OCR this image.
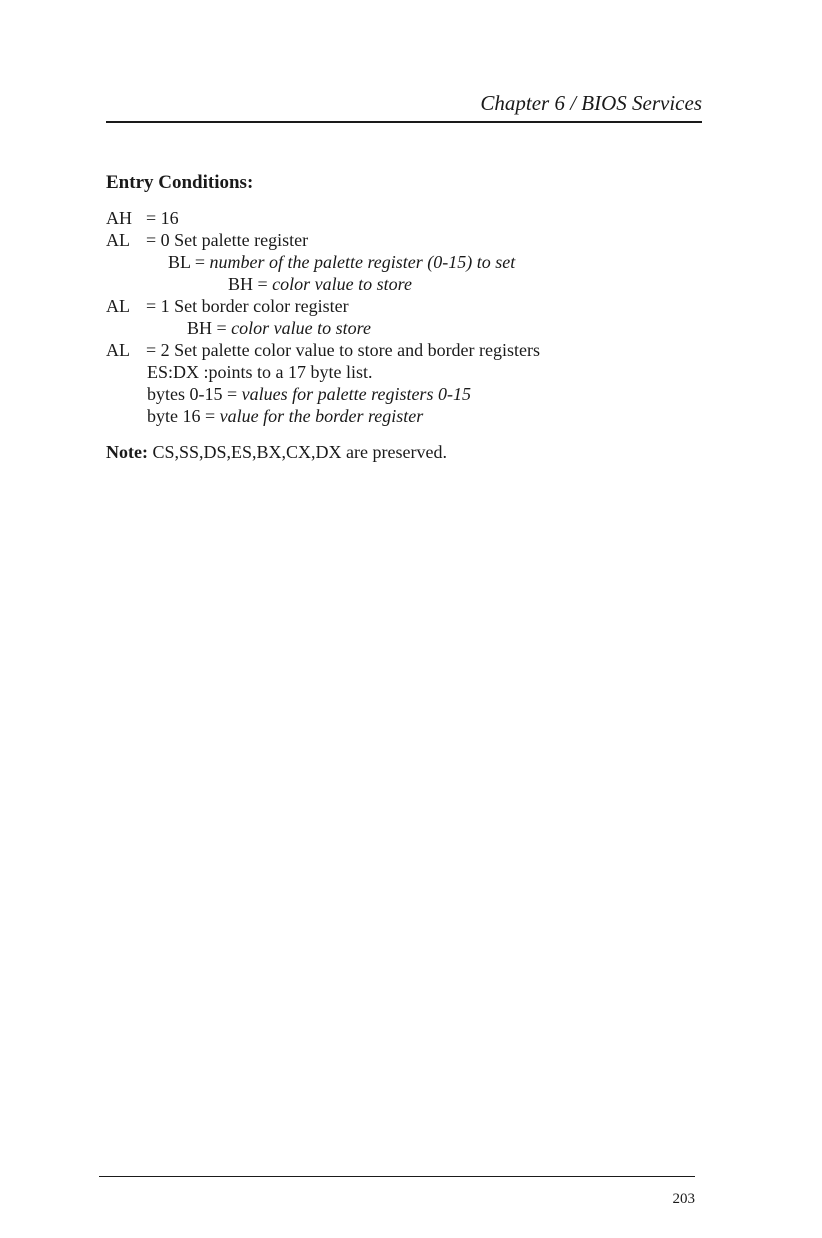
Chapter 6 / BIOS Services
Entry Conditions:
AH = 16
AL = 0 Set palette register
BL = number of the palette register (0-15) to set
BH = color value to store
AL = 1 Set border color register
BH = color value to store
AL = 2 Set palette color value to store and border registers
ES:DX :points to a 17 byte list.
bytes 0-15 = values for palette registers 0-15
byte 16 = value for the border register
Note: CS,SS,DS,ES,BX,CX,DX are preserved.
203
